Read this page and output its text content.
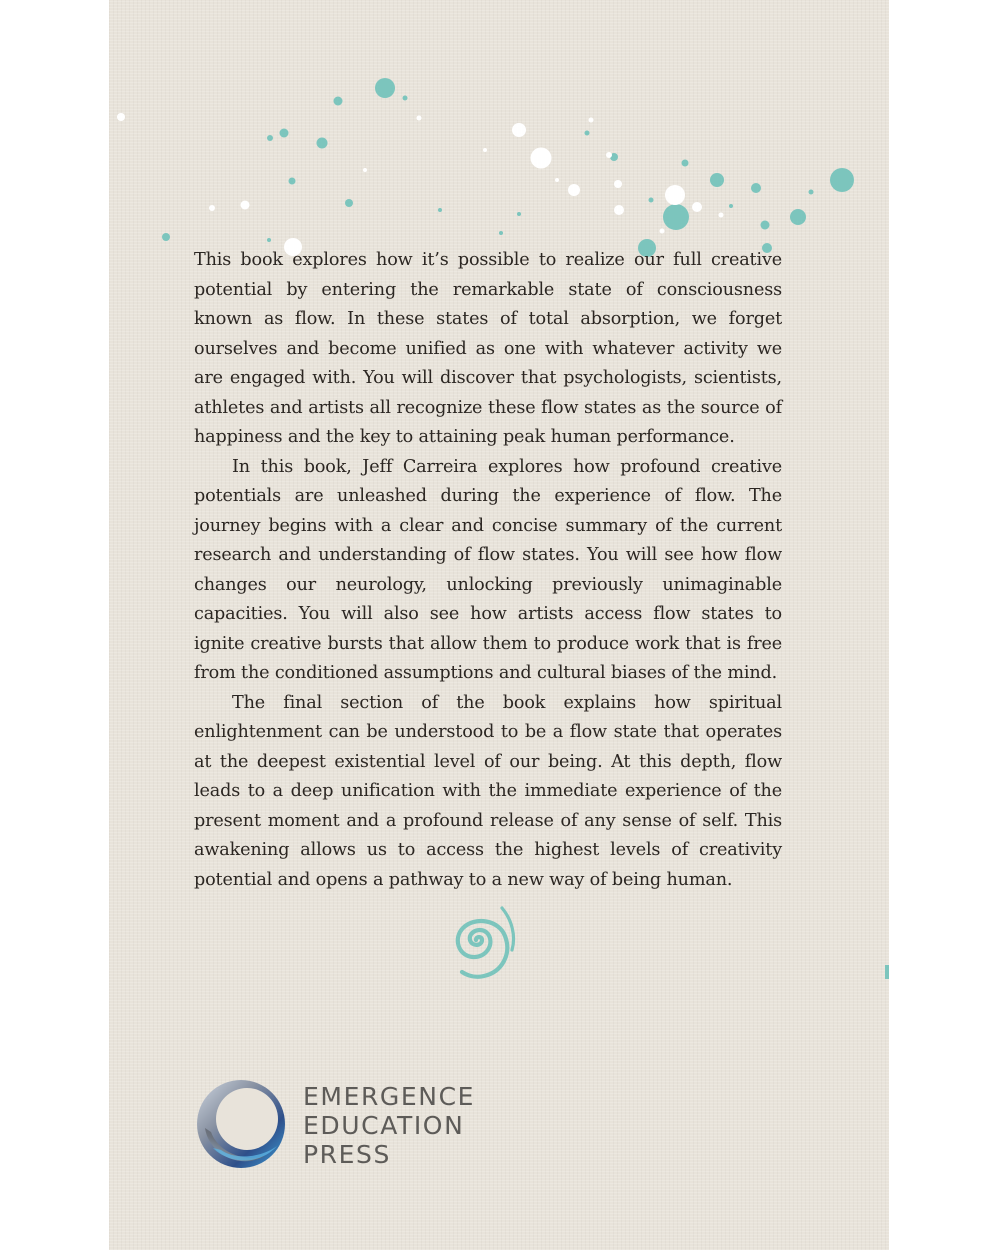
This book explores how it’s possible to realize our full creative potential by entering the remarkable state of consciousness known as flow. In these states of total absorption, we forget ourselves and become unified as one with whatever activity we are engaged with. You will discover that psychologists, scientists, athletes and artists all recognize these flow states as the source of happiness and the key to attaining peak human performance.

In this book, Jeff Carreira explores how profound creative potentials are unleashed during the experience of flow. The journey begins with a clear and concise summary of the current research and understanding of flow states. You will see how flow changes our neurology, unlocking previously unimaginable capacities. You will also see how artists access flow states to ignite creative bursts that allow them to produce work that is free from the conditioned assumptions and cultural biases of the mind.

The final section of the book explains how spiritual enlightenment can be understood to be a flow state that operates at the deepest existential level of our being. At this depth, flow leads to a deep unification with the immediate experience of the present moment and a profound release of any sense of self. This awakening allows us to access the highest levels of creativity potential and opens a pathway to a new way of being human.

EMERGENCE
EDUCATION
PRESS
